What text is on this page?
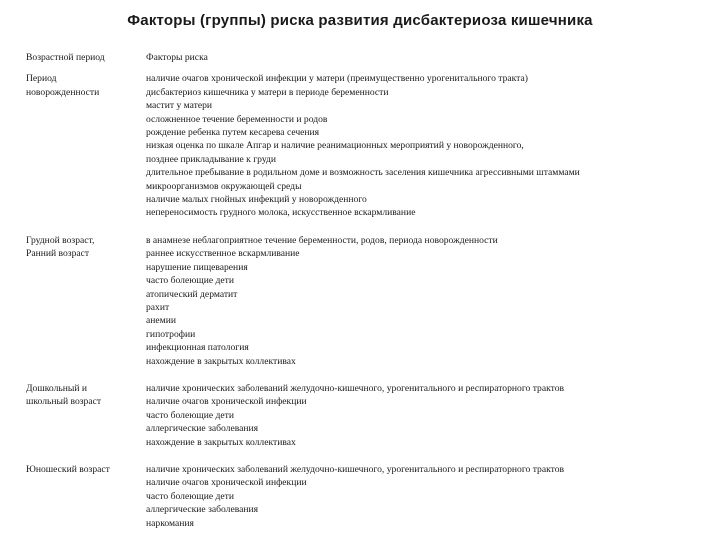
Факторы (группы) риска развития дисбактериоза кишечника
Возрастной период	Факторы риска
Период
новорожденности
наличие очагов хронической инфекции у матери (преимущественно урогенитального тракта)
дисбактериоз кишечника у матери в периоде беременности
мастит у матери
осложненное течение беременности и родов
рождение ребенка путем кесарева сечения
низкая оценка по шкале Апгар и наличие реанимационных мероприятий у новорожденного,
позднее прикладывание к груди
длительное пребывание в родильном доме и возможность заселения кишечника агрессивными штаммами
микроорганизмов окружающей среды
наличие малых гнойных инфекций у новорожденного
непереносимость грудного молока, искусственное вскармливание
Грудной возраст,
Ранний возраст
в анамнезе неблагоприятное течение беременности, родов, периода новорожденности
раннее искусственное вскармливание
нарушение пищеварения
часто болеющие дети
атопический дерматит
рахит
анемии
гипотрофии
инфекционная патология
нахождение в закрытых коллективах
Дошкольный и
школьный возраст
наличие хронических заболеваний желудочно-кишечного, урогенитального и респираторного трактов
наличие очагов хронической инфекции
часто болеющие дети
аллергические заболевания
нахождение в закрытых коллективах
Юношеский возраст	наличие хронических заболеваний желудочно-кишечного, урогенитального и респираторного трактов
наличие очагов хронической инфекции
часто болеющие дети
аллергические заболевания
наркомания
